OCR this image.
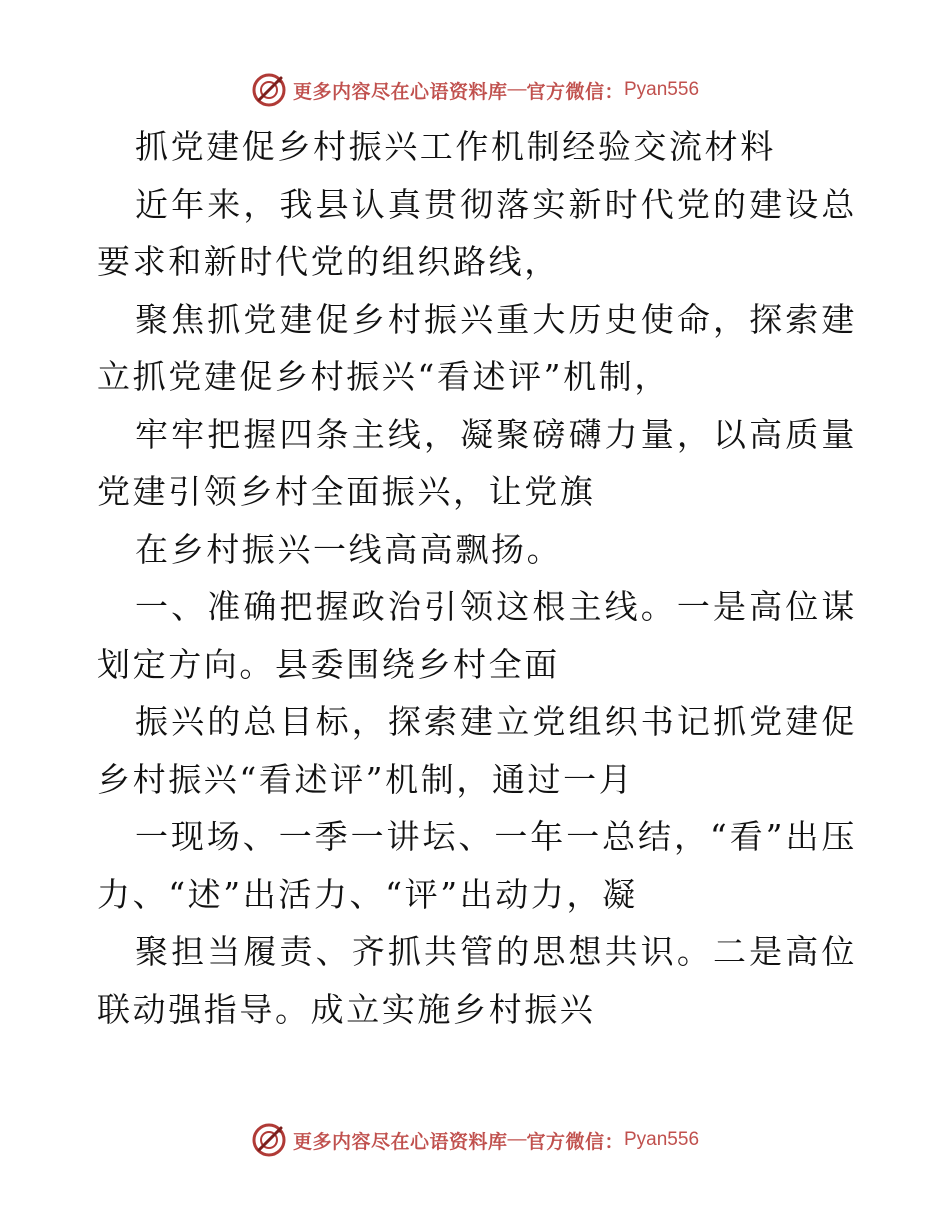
更多内容尽在心语资料库 — 官方微信： Pyan556

抓党建促乡村振兴工作机制经验交流材料

近年来，我县认真贯彻落实新时代党的建设总要求和新时代党的组织路线，

聚焦抓党建促乡村振兴重大历史使命，探索建立抓党建促乡村振兴“看述评”机制，

牢牢把握四条主线，凝聚磅礴力量，以高质量党建引领乡村全面振兴，让党旗

在乡村振兴一线高高飘扬。

一、准确把握政治引领这根主线。一是高位谋划定方向。县委围绕乡村全面

振兴的总目标，探索建立党组织书记抓党建促乡村振兴“看述评”机制，通过一月

一现场、一季一讲坛、一年一总结，“看”出压力、“述”出活力、“评”出动力，凝

聚担当履责、齐抓共管的思想共识。二是高位联动强指导。成立实施乡村振兴

更多内容尽在心语资料库 — 官方微信： Pyan556
